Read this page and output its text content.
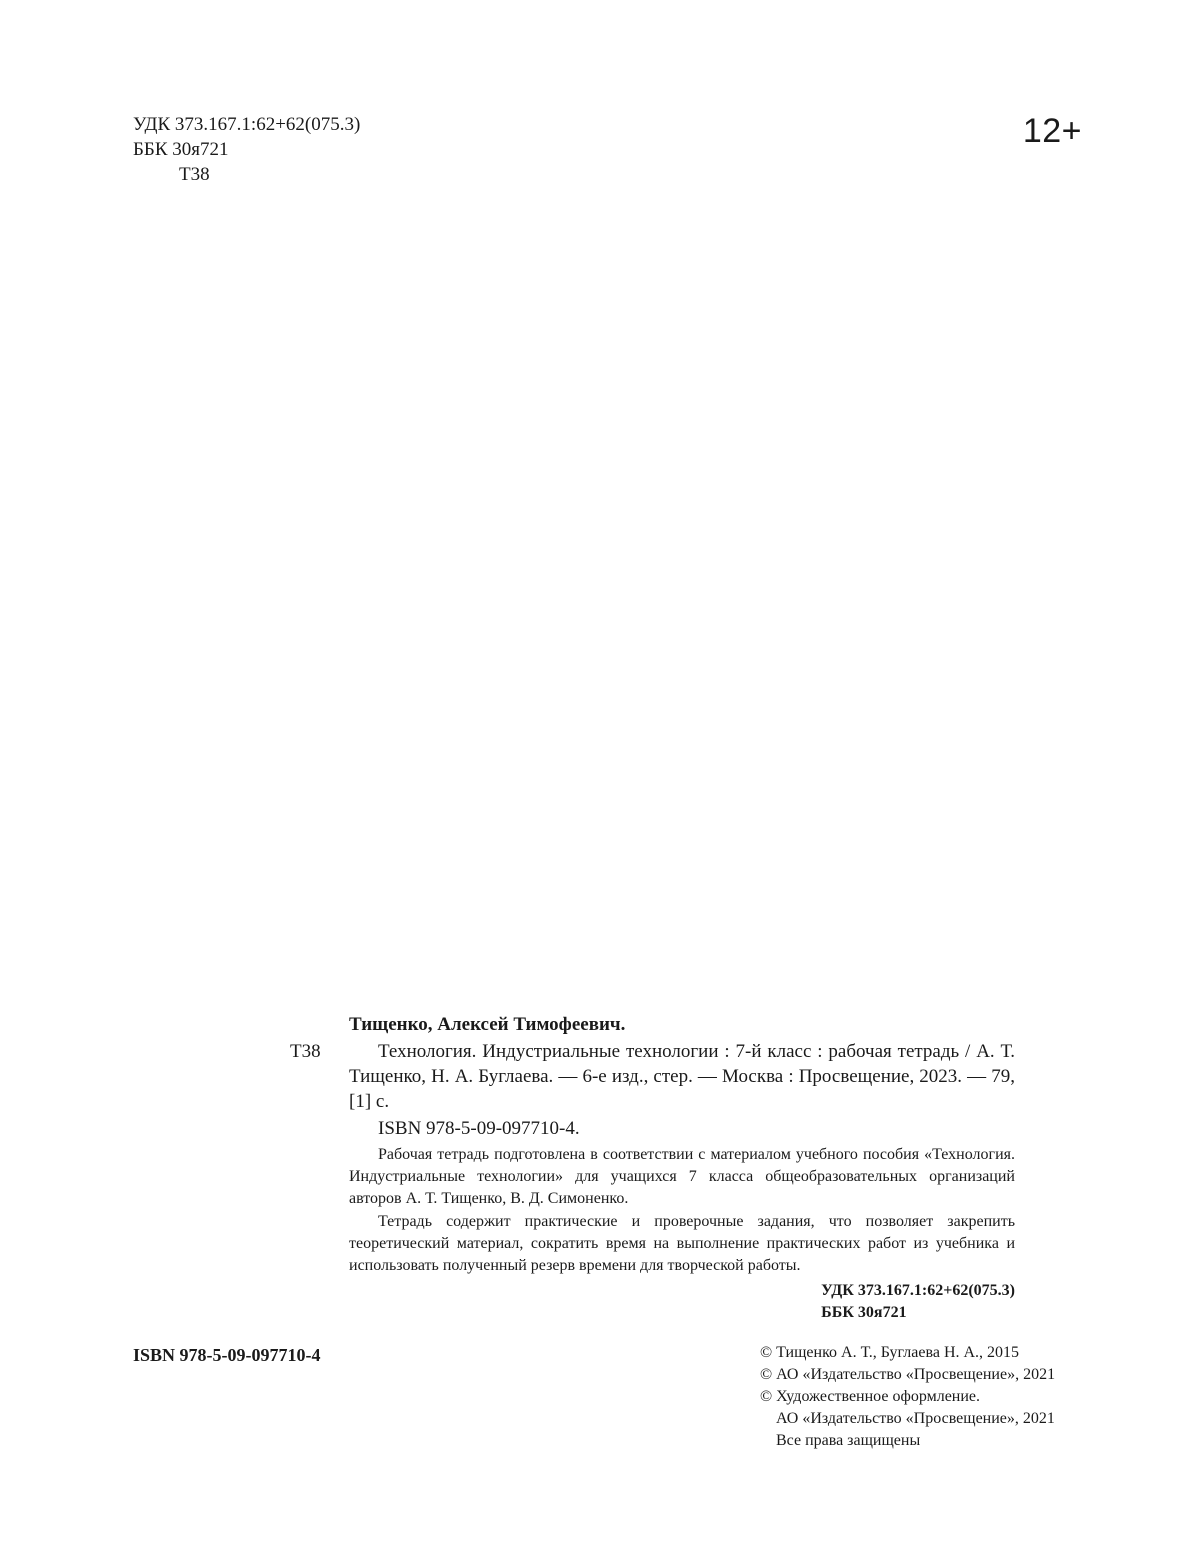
УДК 373.167.1:62+62(075.3)
ББК 30я721
Т38
12+
Т38

Тищенко, Алексей Тимофеевич.

Технология. Индустриальные технологии : 7-й класс : рабочая тетрадь / А. Т. Тищенко, Н. А. Буглаева. — 6-е изд., стер. — Москва : Просвещение, 2023. — 79, [1] с.

ISBN 978-5-09-097710-4.

Рабочая тетрадь подготовлена в соответствии с материалом учебного пособия «Технология. Индустриальные технологии» для учащихся 7 класса общеобразовательных организаций авторов А. Т. Тищенко, В. Д. Симоненко.

Тетрадь содержит практические и проверочные задания, что позволяет закрепить теоретический материал, сократить время на выполнение практических работ из учебника и использовать полученный резерв времени для творческой работы.

УДК 373.167.1:62+62(075.3)
ББК 30я721
ISBN 978-5-09-097710-4	© Тищенко А. Т., Буглаева Н. А., 2015
© АО «Издательство «Просвещение», 2021
© Художественное оформление.
АО «Издательство «Просвещение», 2021
Все права защищены
